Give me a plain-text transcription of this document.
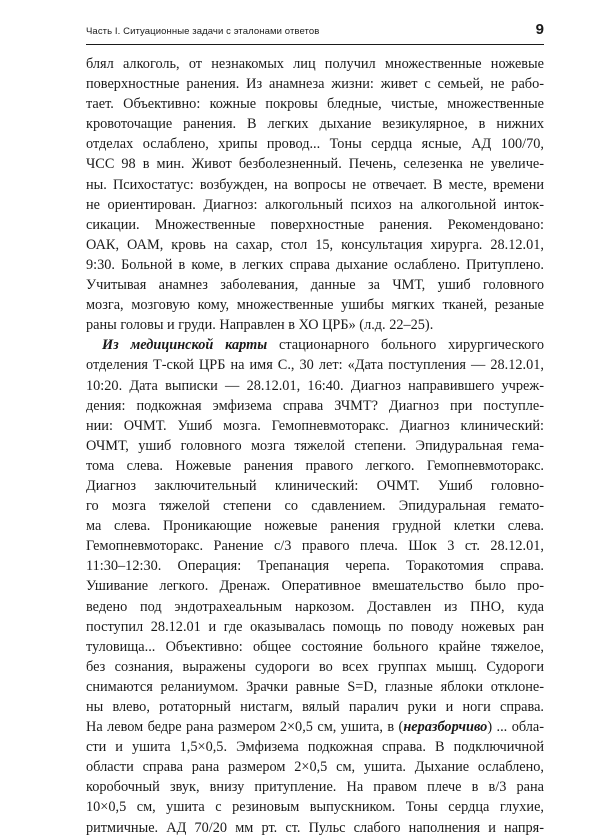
Часть I. Ситуационные задачи с эталонами ответов	9
блял алкоголь, от незнакомых лиц получил множественные ножевые
поверхностные ранения. Из анамнеза жизни: живет с семьей, не рабо-
тает. Объективно: кожные покровы бледные, чистые, множественные
кровоточащие ранения. В легких дыхание везикулярное, в нижних
отделах ослаблено, хрипы провод... Тоны сердца ясные, АД 100/70,
ЧСС 98 в мин. Живот безболезненный. Печень, селезенка не увеличе-
ны. Психостатус: возбужден, на вопросы не отвечает. В месте, времени
не ориентирован. Диагноз: алкогольный психоз на алкогольной инток-
сикации. Множественные поверхностные ранения. Рекомендовано:
ОАК, ОАМ, кровь на сахар, стол 15, консультация хирурга. 28.12.01,
9:30. Больной в коме, в легких справа дыхание ослаблено. Притуплено.
Учитывая анамнез заболевания, данные за ЧМТ, ушиб головного
мозга, мозговую кому, множественные ушибы мягких тканей, резаные
раны головы и груди. Направлен в ХО ЦРБ» (л.д. 22–25).
Из медицинской карты стационарного больного хирургического
отделения Т-ской ЦРБ на имя С., 30 лет: «Дата поступления — 28.12.01,
10:20. Дата выписки — 28.12.01, 16:40. Диагноз направившего учреж-
дения: подкожная эмфизема справа ЗЧМТ? Диагноз при поступле-
нии: ОЧМТ. Ушиб мозга. Гемопневмоторакс. Диагноз клинический:
ОЧМТ, ушиб головного мозга тяжелой степени. Эпидуральная гема-
тома слева. Ножевые ранения правого легкого. Гемопневмоторакс.
Диагноз заключительный клинический: ОЧМТ. Ушиб головно-
го мозга тяжелой степени со сдавлением. Эпидуральная гемато-
ма слева. Проникающие ножевые ранения грудной клетки слева.
Гемопневмоторакс. Ранение с/3 правого плеча. Шок 3 ст. 28.12.01,
11:30–12:30. Операция: Трепанация черепа. Торакотомия справа.
Ушивание легкого. Дренаж. Оперативное вмешательство было про-
ведено под эндотрахеальным наркозом. Доставлен из ПНО, куда
поступил 28.12.01 и где оказывалась помощь по поводу ножевых ран
туловища... Объективно: общее состояние больного крайне тяжелое,
без сознания, выражены судороги во всех группах мышц. Судороги
снимаются реланиумом. Зрачки равные S=D, глазные яблоки отклоне-
ны влево, ротаторный нистагм, вялый паралич руки и ноги справа.
На левом бедре рана размером 2×0,5 см, ушита, в (неразборчиво) ... обла-
сти и ушита 1,5×0,5. Эмфизема подкожная справа. В подключичной
области справа рана размером 2×0,5 см, ушита. Дыхание ослаблено,
коробочный звук, внизу притупление. На правом плече в в/3 рана
10×0,5 см, ушита с резиновым выпускником. Тоны сердца глухие,
ритмичные. АД 70/20 мм рт. ст. Пульс слабого наполнения и напря-
